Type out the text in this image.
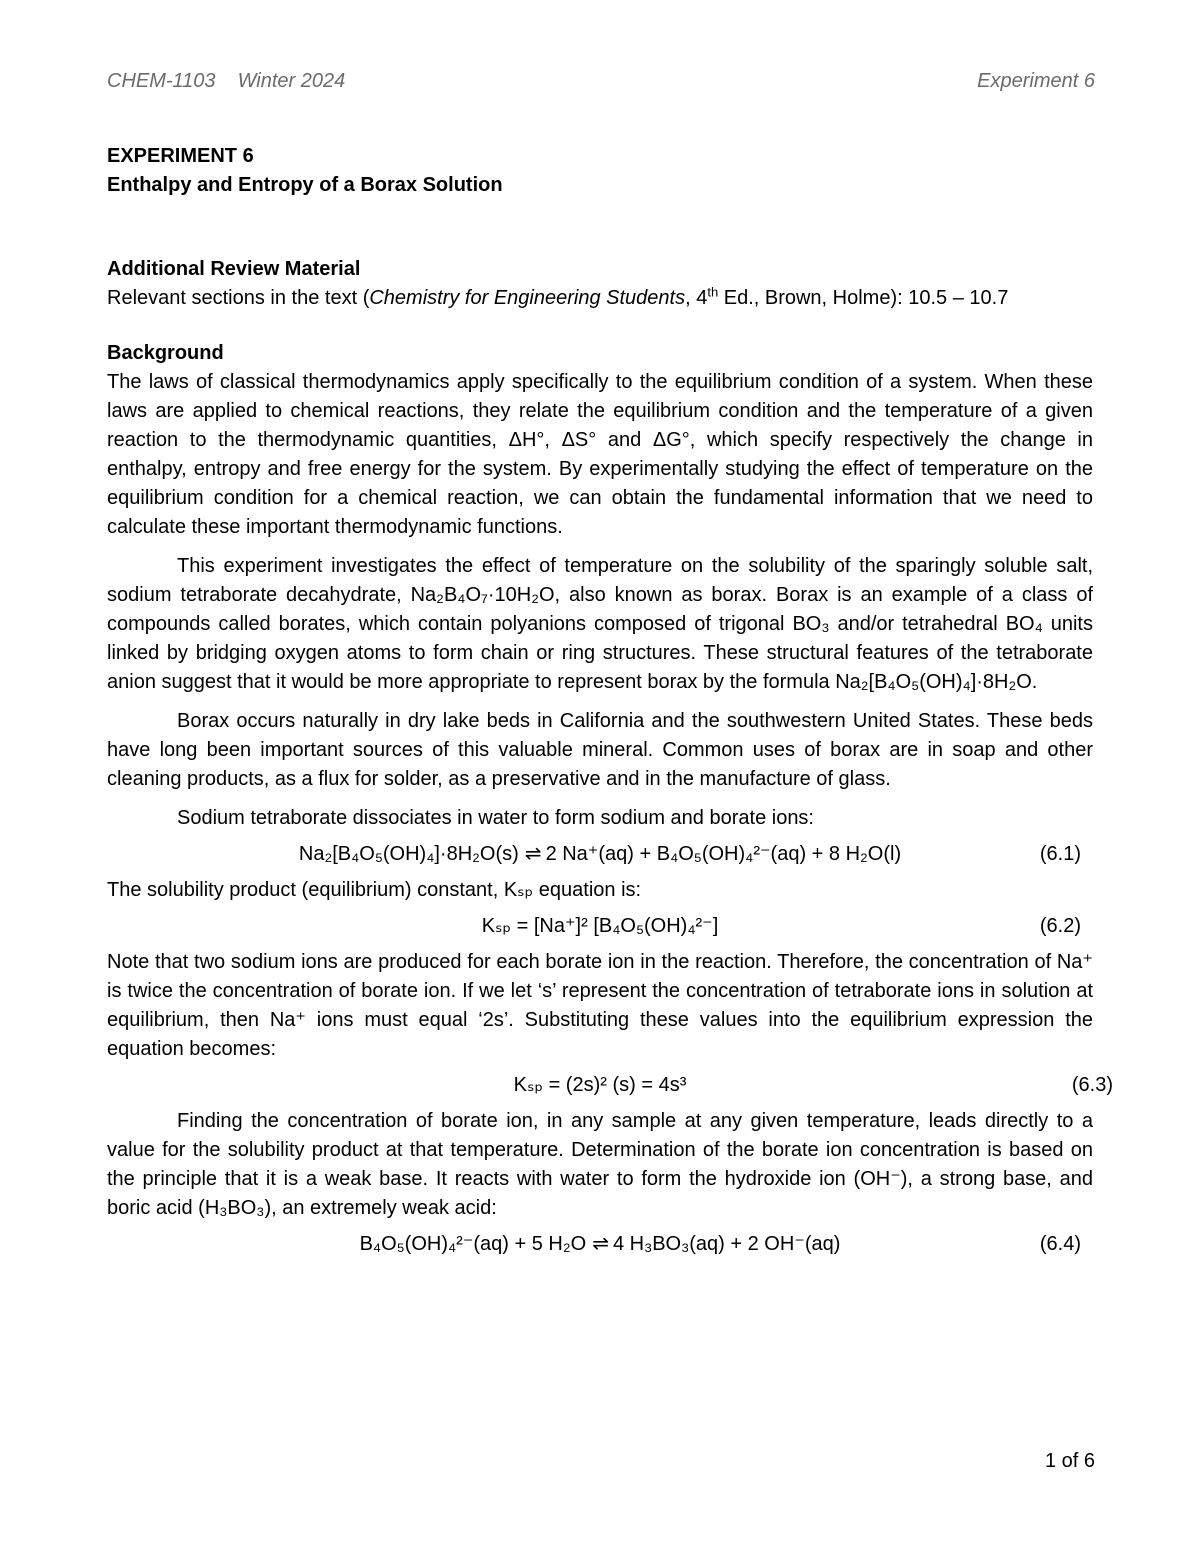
CHEM-1103 Winter 2024	Experiment 6

EXPERIMENT 6

Enthalpy and Entropy of a Borax Solution

Additional Review Material

Relevant sections in the text (Chemistry for Engineering Students, 4th Ed., Brown, Holme): 10.5 – 10.7

Background

The laws of classical thermodynamics apply specifically to the equilibrium condition of a system. When these laws are applied to chemical reactions, they relate the equilibrium condition and the temperature of a given reaction to the thermodynamic quantities, ΔH°, ΔS° and ΔG°, which specify respectively the change in enthalpy, entropy and free energy for the system. By experimentally studying the effect of temperature on the equilibrium condition for a chemical reaction, we can obtain the fundamental information that we need to calculate these important thermodynamic functions.

This experiment investigates the effect of temperature on the solubility of the sparingly soluble salt, sodium tetraborate decahydrate, Na₂B₄O₇·10H₂O, also known as borax. Borax is an example of a class of compounds called borates, which contain polyanions composed of trigonal BO₃ and/or tetrahedral BO₄ units linked by bridging oxygen atoms to form chain or ring structures. These structural features of the tetraborate anion suggest that it would be more appropriate to represent borax by the formula Na₂[B₄O₅(OH)₄]·8H₂O.

Borax occurs naturally in dry lake beds in California and the southwestern United States. These beds have long been important sources of this valuable mineral. Common uses of borax are in soap and other cleaning products, as a flux for solder, as a preservative and in the manufacture of glass.

Sodium tetraborate dissociates in water to form sodium and borate ions:

Na₂[B₄O₅(OH)₄]·8H₂O(s) ⇌ 2 Na⁺(aq) + B₄O₅(OH)₄²⁻(aq) + 8 H₂O(l)	(6.1)

The solubility product (equilibrium) constant, Kₛₚ equation is:

Kₛₚ = [Na⁺]² [B₄O₅(OH)₄²⁻]	(6.2)

Note that two sodium ions are produced for each borate ion in the reaction. Therefore, the concentration of Na⁺ is twice the concentration of borate ion. If we let ‘s’ represent the concentration of tetraborate ions in solution at equilibrium, then Na⁺ ions must equal ‘2s’. Substituting these values into the equilibrium expression the equation becomes:

Kₛₚ = (2s)² (s) = 4s³	(6.3)

Finding the concentration of borate ion, in any sample at any given temperature, leads directly to a value for the solubility product at that temperature. Determination of the borate ion concentration is based on the principle that it is a weak base. It reacts with water to form the hydroxide ion (OH⁻), a strong base, and boric acid (H₃BO₃), an extremely weak acid:

B₄O₅(OH)₄²⁻(aq) + 5 H₂O ⇌ 4 H₃BO₃(aq) + 2 OH⁻(aq)	(6.4)
1 of 6
